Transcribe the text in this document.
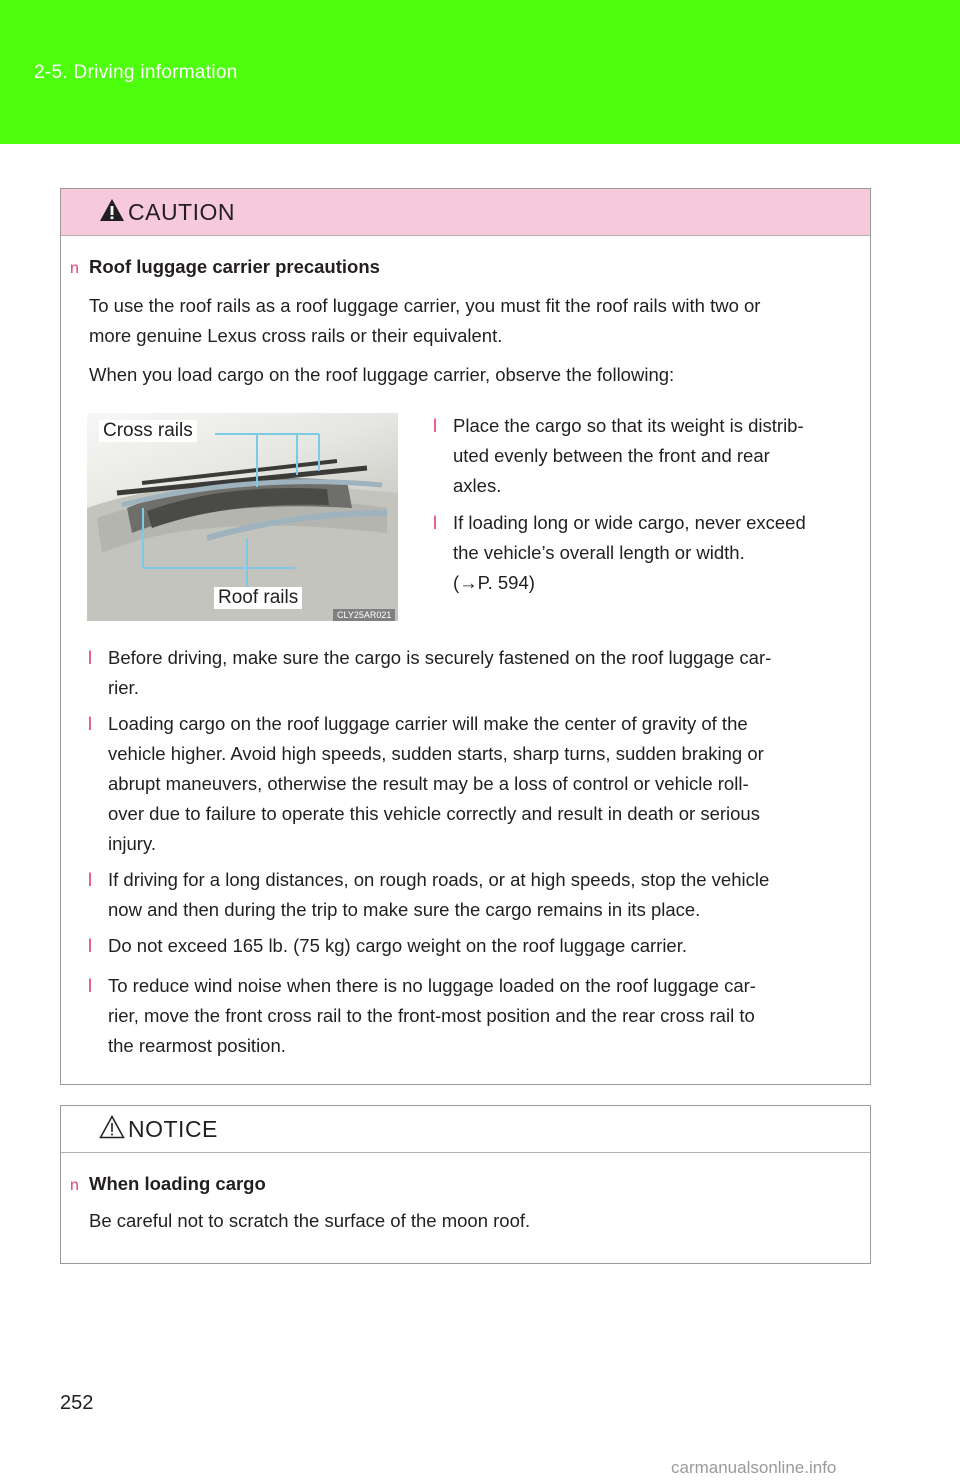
2-5. Driving information
CAUTION
n Roof luggage carrier precautions
To use the roof rails as a roof luggage carrier, you must fit the roof rails with two or
more genuine Lexus cross rails or their equivalent.
When you load cargo on the roof luggage carrier, observe the following:
Cross rails
Roof rails
CLY25AR021
l Place the cargo so that its weight is distrib-
uted evenly between the front and rear
axles.
l If loading long or wide cargo, never exceed
the vehicle’s overall length or width.
(→P. 594)
l Before driving, make sure the cargo is securely fastened on the roof luggage car-
rier.
l Loading cargo on the roof luggage carrier will make the center of gravity of the
vehicle higher. Avoid high speeds, sudden starts, sharp turns, sudden braking or
abrupt maneuvers, otherwise the result may be a loss of control or vehicle roll-
over due to failure to operate this vehicle correctly and result in death or serious
injury.
l If driving for a long distances, on rough roads, or at high speeds, stop the vehicle
now and then during the trip to make sure the cargo remains in its place.
l Do not exceed 165 lb. (75 kg) cargo weight on the roof luggage carrier.
l To reduce wind noise when there is no luggage loaded on the roof luggage car-
rier, move the front cross rail to the front-most position and the rear cross rail to
the rearmost position.
NOTICE
n When loading cargo
Be careful not to scratch the surface of the moon roof.
252
carmanualsonline.info
